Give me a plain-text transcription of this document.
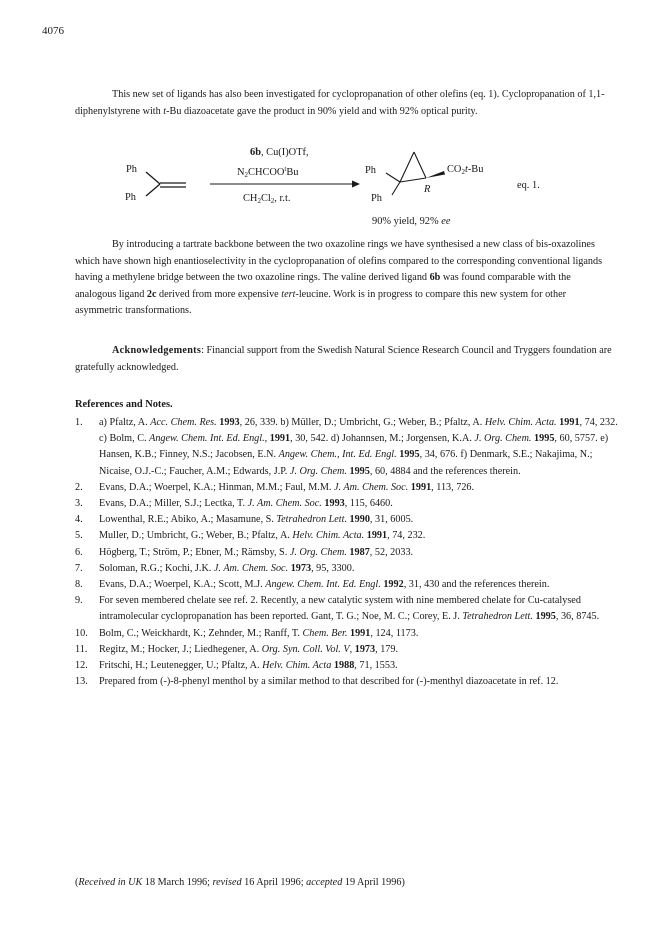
4076
This new set of ligands has also been investigated for cyclopropanation of other olefins (eq. 1). Cyclopropanation of 1,1-diphenylstyrene with t-Bu diazoacetate gave the product in 90% yield and with 92% optical purity.
Ph
Ph
6b, Cu(I)OTf,
$N_2CHCOO^tBu$
$CH_2Cl_2$, r.t.
Ph
Ph
$CO_2t-Bu$
R	eq. 1.
90% yield, 92% ee
By introducing a tartrate backbone between the two oxazoline rings we have synthesised a new class of bis-oxazolines which have shown high enantioselectivity in the cyclopropanation of olefins compared to the corresponding conventional ligands having a methylene bridge between the two oxazoline rings. The valine derived ligand 6b was found comparable with the analogous ligand 2c derived from more expensive tert-leucine. Work is in progress to compare this new system for other asymmetric transformations.
Acknowledgements: Financial support from the Swedish Natural Science Research Council and Tryggers foundation are gratefully acknowledged.
References and Notes.
1. a) Pfaltz, A. Acc. Chem. Res. 1993, 26, 339. b) Müller, D.; Umbricht, G.; Weber, B.; Pfaltz, A. Helv. Chim. Acta. 1991, 74, 232. c) Bolm, C. Angew. Chem. Int. Ed. Engl., 1991, 30, 542. d) Johannsen, M.; Jorgensen, K.A. J. Org. Chem. 1995, 60, 5757. e) Hansen, K.B.; Finney, N.S.; Jacobsen, E.N. Angew. Chem., Int. Ed. Engl. 1995, 34, 676. f) Denmark, S.E.; Nakajima, N.; Nicaise, O.J.-C.; Faucher, A.M.; Edwards, J.P. J. Org. Chem. 1995, 60, 4884 and the references therein.
2. Evans, D.A.; Woerpel, K.A.; Hinman, M.M.; Faul, M.M. J. Am. Chem. Soc. 1991, 113, 726.
3. Evans, D.A.; Miller, S.J.; Lectka, T. J. Am. Chem. Soc. 1993, 115, 6460.
4. Lowenthal, R.E.; Abiko, A.; Masamune, S. Tetrahedron Lett. 1990, 31, 6005.
5. Muller, D.; Umbricht, G.; Weber, B.; Pfaltz, A. Helv. Chim. Acta. 1991, 74, 232.
6. Högberg, T.; Ström, P.; Ebner, M.; Rämsby, S. J. Org. Chem. 1987, 52, 2033.
7. Soloman, R.G.; Kochi, J.K. J. Am. Chem. Soc. 1973, 95, 3300.
8. Evans, D.A.; Woerpel, K.A.; Scott, M.J. Angew. Chem. Int. Ed. Engl. 1992, 31, 430 and the references therein.
9. For seven membered chelate see ref. 2. Recently, a new catalytic system with nine membered chelate for Cu-catalysed intramolecular cyclopropanation has been reported. Gant, T. G.; Noe, M. C.; Corey, E. J. Tetrahedron Lett. 1995, 36, 8745.
10. Bolm, C.; Weickhardt, K.; Zehnder, M.; Ranff, T. Chem. Ber. 1991, 124, 1173.
11. Regitz, M.; Hocker, J.; Liedhegener, A. Org. Syn. Coll. Vol. V, 1973, 179.
12. Fritschi, H.; Leutenegger, U.; Pfaltz, A. Helv. Chim. Acta 1988, 71, 1553.
13. Prepared from (-)-8-phenyl menthol by a similar method to that described for (-)-menthyl diazoacetate in ref. 12.
(Received in UK 18 March 1996; revised 16 April 1996; accepted 19 April 1996)
